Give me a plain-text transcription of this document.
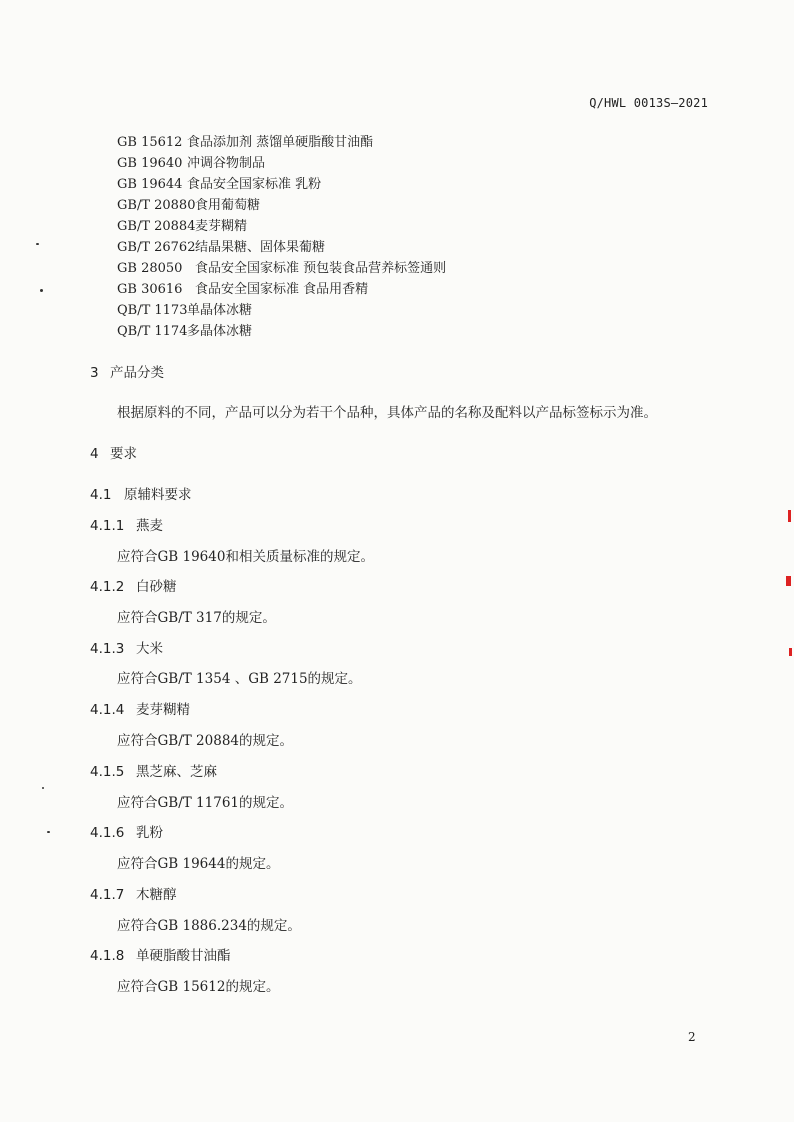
Q/HWL 0013S—2021
GB 15612 食品添加剂 蒸馏单硬脂酸甘油酯
GB 19640 冲调谷物制品
GB 19644 食品安全国家标准 乳粉
GB/T 20880食用葡萄糖
GB/T 20884麦芽糊精
GB/T 26762结晶果糖、固体果葡糖
GB 28050 食品安全国家标准 预包装食品营养标签通则
GB 30616 食品安全国家标准 食品用香精
QB/T 1173单晶体冰糖
QB/T 1174多晶体冰糖
3 产品分类
根据原料的不同，产品可以分为若干个品种，具体产品的名称及配料以产品标签标示为准。
4 要求
4.1 原辅料要求
4.1.1 燕麦
应符合GB 19640和相关质量标准的规定。
4.1.2 白砂糖
应符合GB/T 317的规定。
4.1.3 大米
应符合GB/T 1354 、GB 2715的规定。
4.1.4 麦芽糊精
应符合GB/T 20884的规定。
4.1.5 黑芝麻、芝麻
应符合GB/T 11761的规定。
4.1.6 乳粉
应符合GB 19644的规定。
4.1.7 木糖醇
应符合GB 1886.234的规定。
4.1.8 单硬脂酸甘油酯
应符合GB 15612的规定。
2
